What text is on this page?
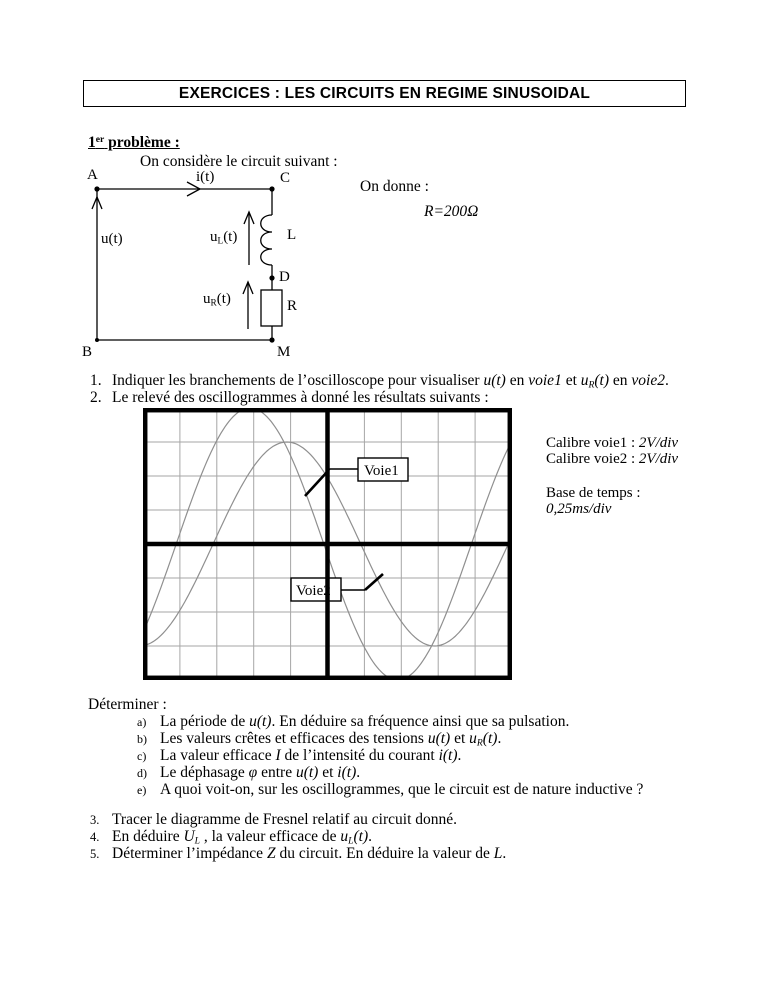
EXERCICES : LES CIRCUITS EN REGIME SINUSOIDAL
1er problème :
On considère le circuit suivant :
A	i(t)	C
u(t)	uL(t)	L
D
uR(t)	R
B	M
On donne :
R=200Ω
1. Indiquer les branchements de l’oscilloscope pour visualiser u(t) en voie1 et uR(t) en voie2.
2. Le relevé des oscillogrammes à donné les résultats suivants :
Voie1
Voie2
Calibre voie1 : 2V/div
Calibre voie2 : 2V/div
Base de temps :
0,25ms/div
Déterminer :
a) La période de u(t). En déduire sa fréquence ainsi que sa pulsation.
b) Les valeurs crêtes et efficaces des tensions u(t) et uR(t).
c) La valeur efficace I de l’intensité du courant i(t).
d) Le déphasage φ entre u(t) et i(t).
e) A quoi voit-on, sur les oscillogrammes, que le circuit est de nature inductive ?
3. Tracer le diagramme de Fresnel relatif au circuit donné.
4. En déduire UL , la valeur efficace de uL(t).
5. Déterminer l’impédance Z du circuit. En déduire la valeur de L.
